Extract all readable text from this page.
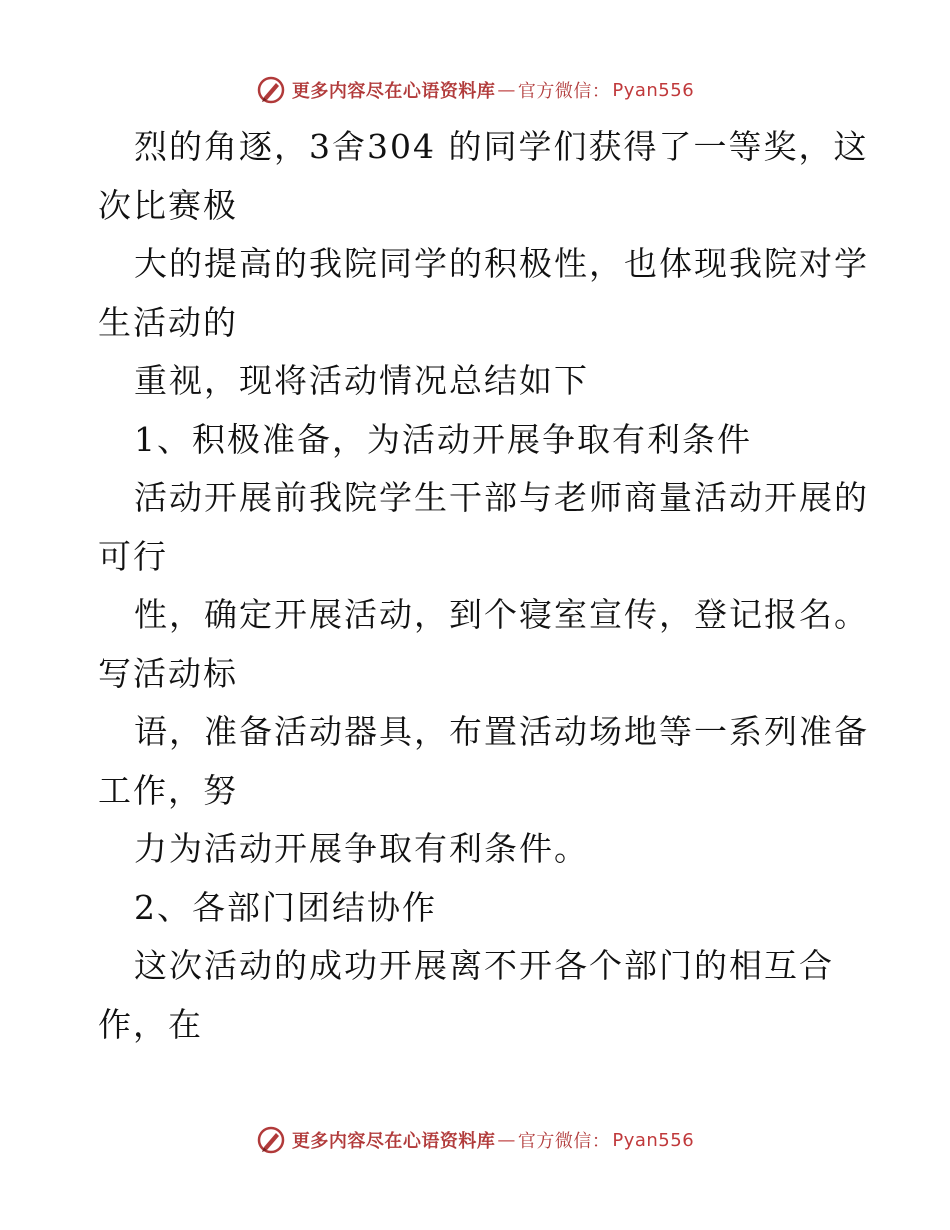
更多内容尽在心语资料库 — 官方微信： Pyan556
烈的角逐，3舍304 的同学们获得了一等奖，这
次比赛极
大的提高的我院同学的积极性，也体现我院对学
生活动的
重视，现将活动情况总结如下
1、积极准备，为活动开展争取有利条件
活动开展前我院学生干部与老师商量活动开展的
可行
性，确定开展活动，到个寝室宣传，登记报名。
写活动标
语，准备活动器具，布置活动场地等一系列准备
工作，努
力为活动开展争取有利条件。
2、各部门团结协作
这次活动的成功开展离不开各个部门的相互合
作，在
更多内容尽在心语资料库 — 官方微信： Pyan556
